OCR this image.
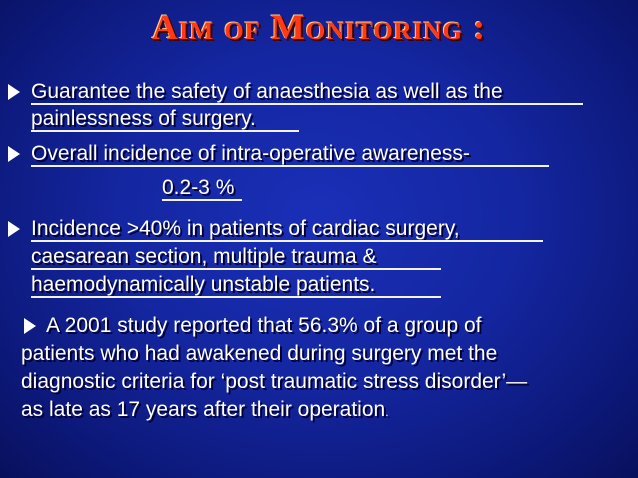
Aim of Monitoring :
Guarantee the safety of anaesthesia as well as the
painlessness of surgery.
Overall incidence of intra-operative awareness-
0.2-3 %
Incidence >40% in patients of cardiac surgery,
caesarean section, multiple trauma &
haemodynamically unstable patients.
A 2001 study reported that 56.3% of a group of
patients who had awakened during surgery met the
diagnostic criteria for ‘post traumatic stress disorder’—
as late as 17 years after their operation.
